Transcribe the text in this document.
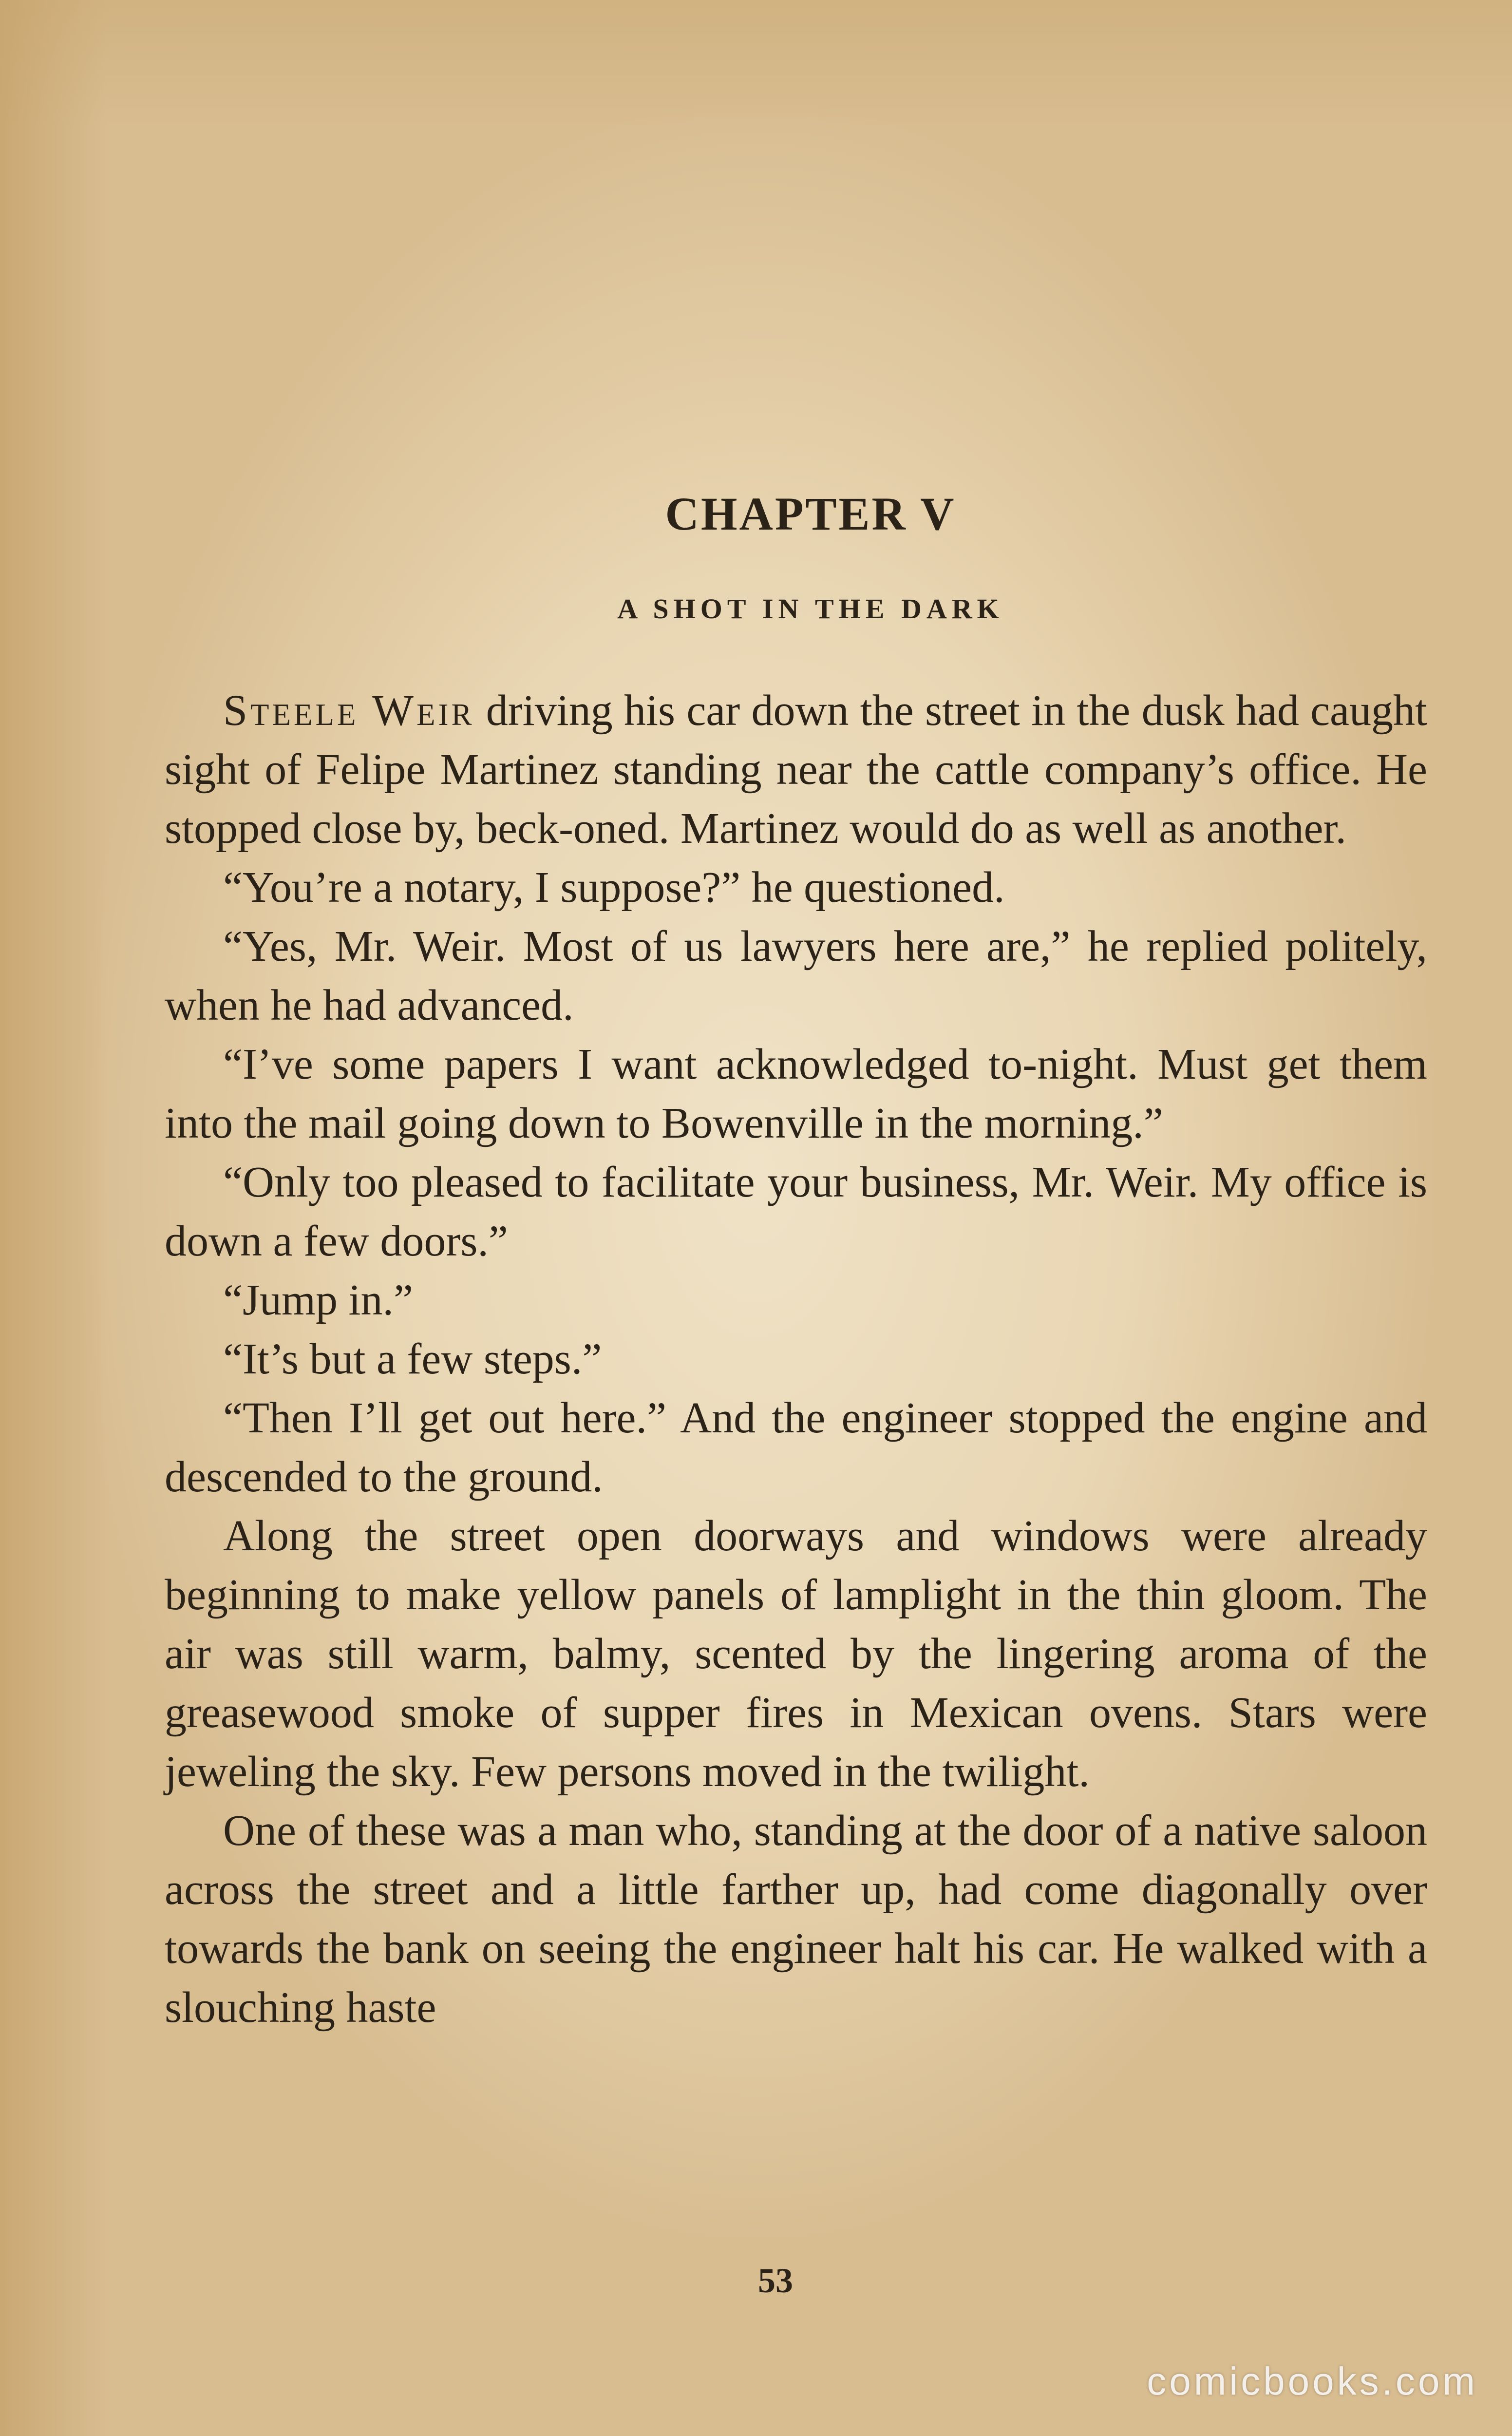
CHAPTER V
A SHOT IN THE DARK

Steele Weir driving his car down the street in the dusk had caught sight of Felipe Martinez standing near the cattle company’s office. He stopped close by, beck-oned. Martinez would do as well as another.

“You’re a notary, I suppose?” he questioned.

“Yes, Mr. Weir. Most of us lawyers here are,” he replied politely, when he had advanced.

“I’ve some papers I want acknowledged to-night. Must get them into the mail going down to Bowenville in the morning.”

“Only too pleased to facilitate your business, Mr. Weir. My office is down a few doors.”

“Jump in.”

“It’s but a few steps.”

“Then I’ll get out here.” And the engineer stopped the engine and descended to the ground.

Along the street open doorways and windows were already beginning to make yellow panels of lamplight in the thin gloom. The air was still warm, balmy, scented by the lingering aroma of the greasewood smoke of supper fires in Mexican ovens. Stars were jeweling the sky. Few persons moved in the twilight.

One of these was a man who, standing at the door of a native saloon across the street and a little farther up, had come diagonally over towards the bank on seeing the engineer halt his car. He walked with a slouching haste

53
comicbooks.com
